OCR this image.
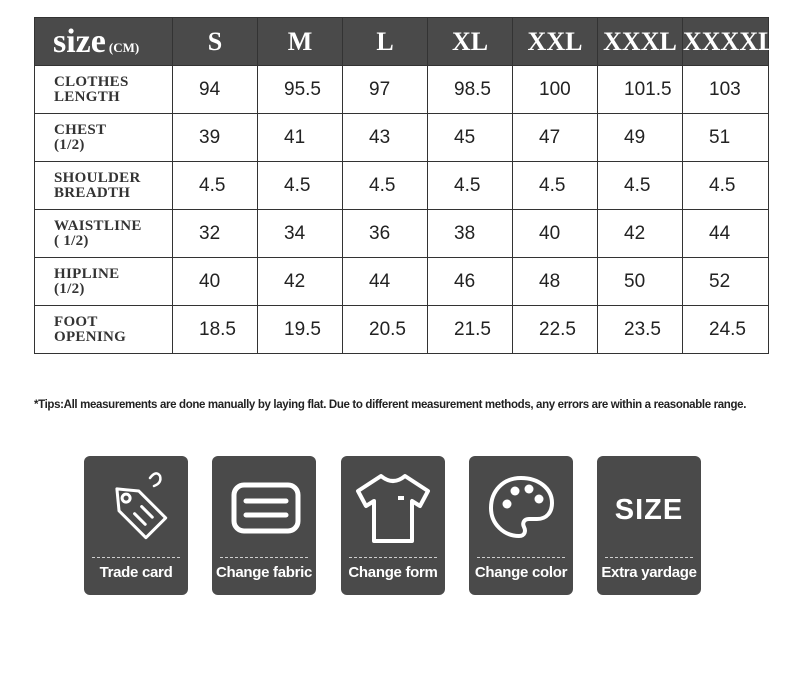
size (CM)	S	M	L	XL	XXL	XXXL	XXXXL

CLOTHES
LENGTH	94	95.5	97	98.5	100	101.5	103

CHEST
(1/2)	39	41	43	45	47	49	51

SHOULDER
BREADTH	4.5	4.5	4.5	4.5	4.5	4.5	4.5

WAISTLINE
( 1/2)	32	34	36	38	40	42	44

HIPLINE
(1/2)	40	42	44	46	48	50	52

FOOT
OPENING	18.5	19.5	20.5	21.5	22.5	23.5	24.5
*Tips:All measurements are done manually by laying flat. Due to different measurement methods, any errors are within a reasonable range.
Trade card	Change fabric	Change form	Change color
SIZE
Extra yardage
